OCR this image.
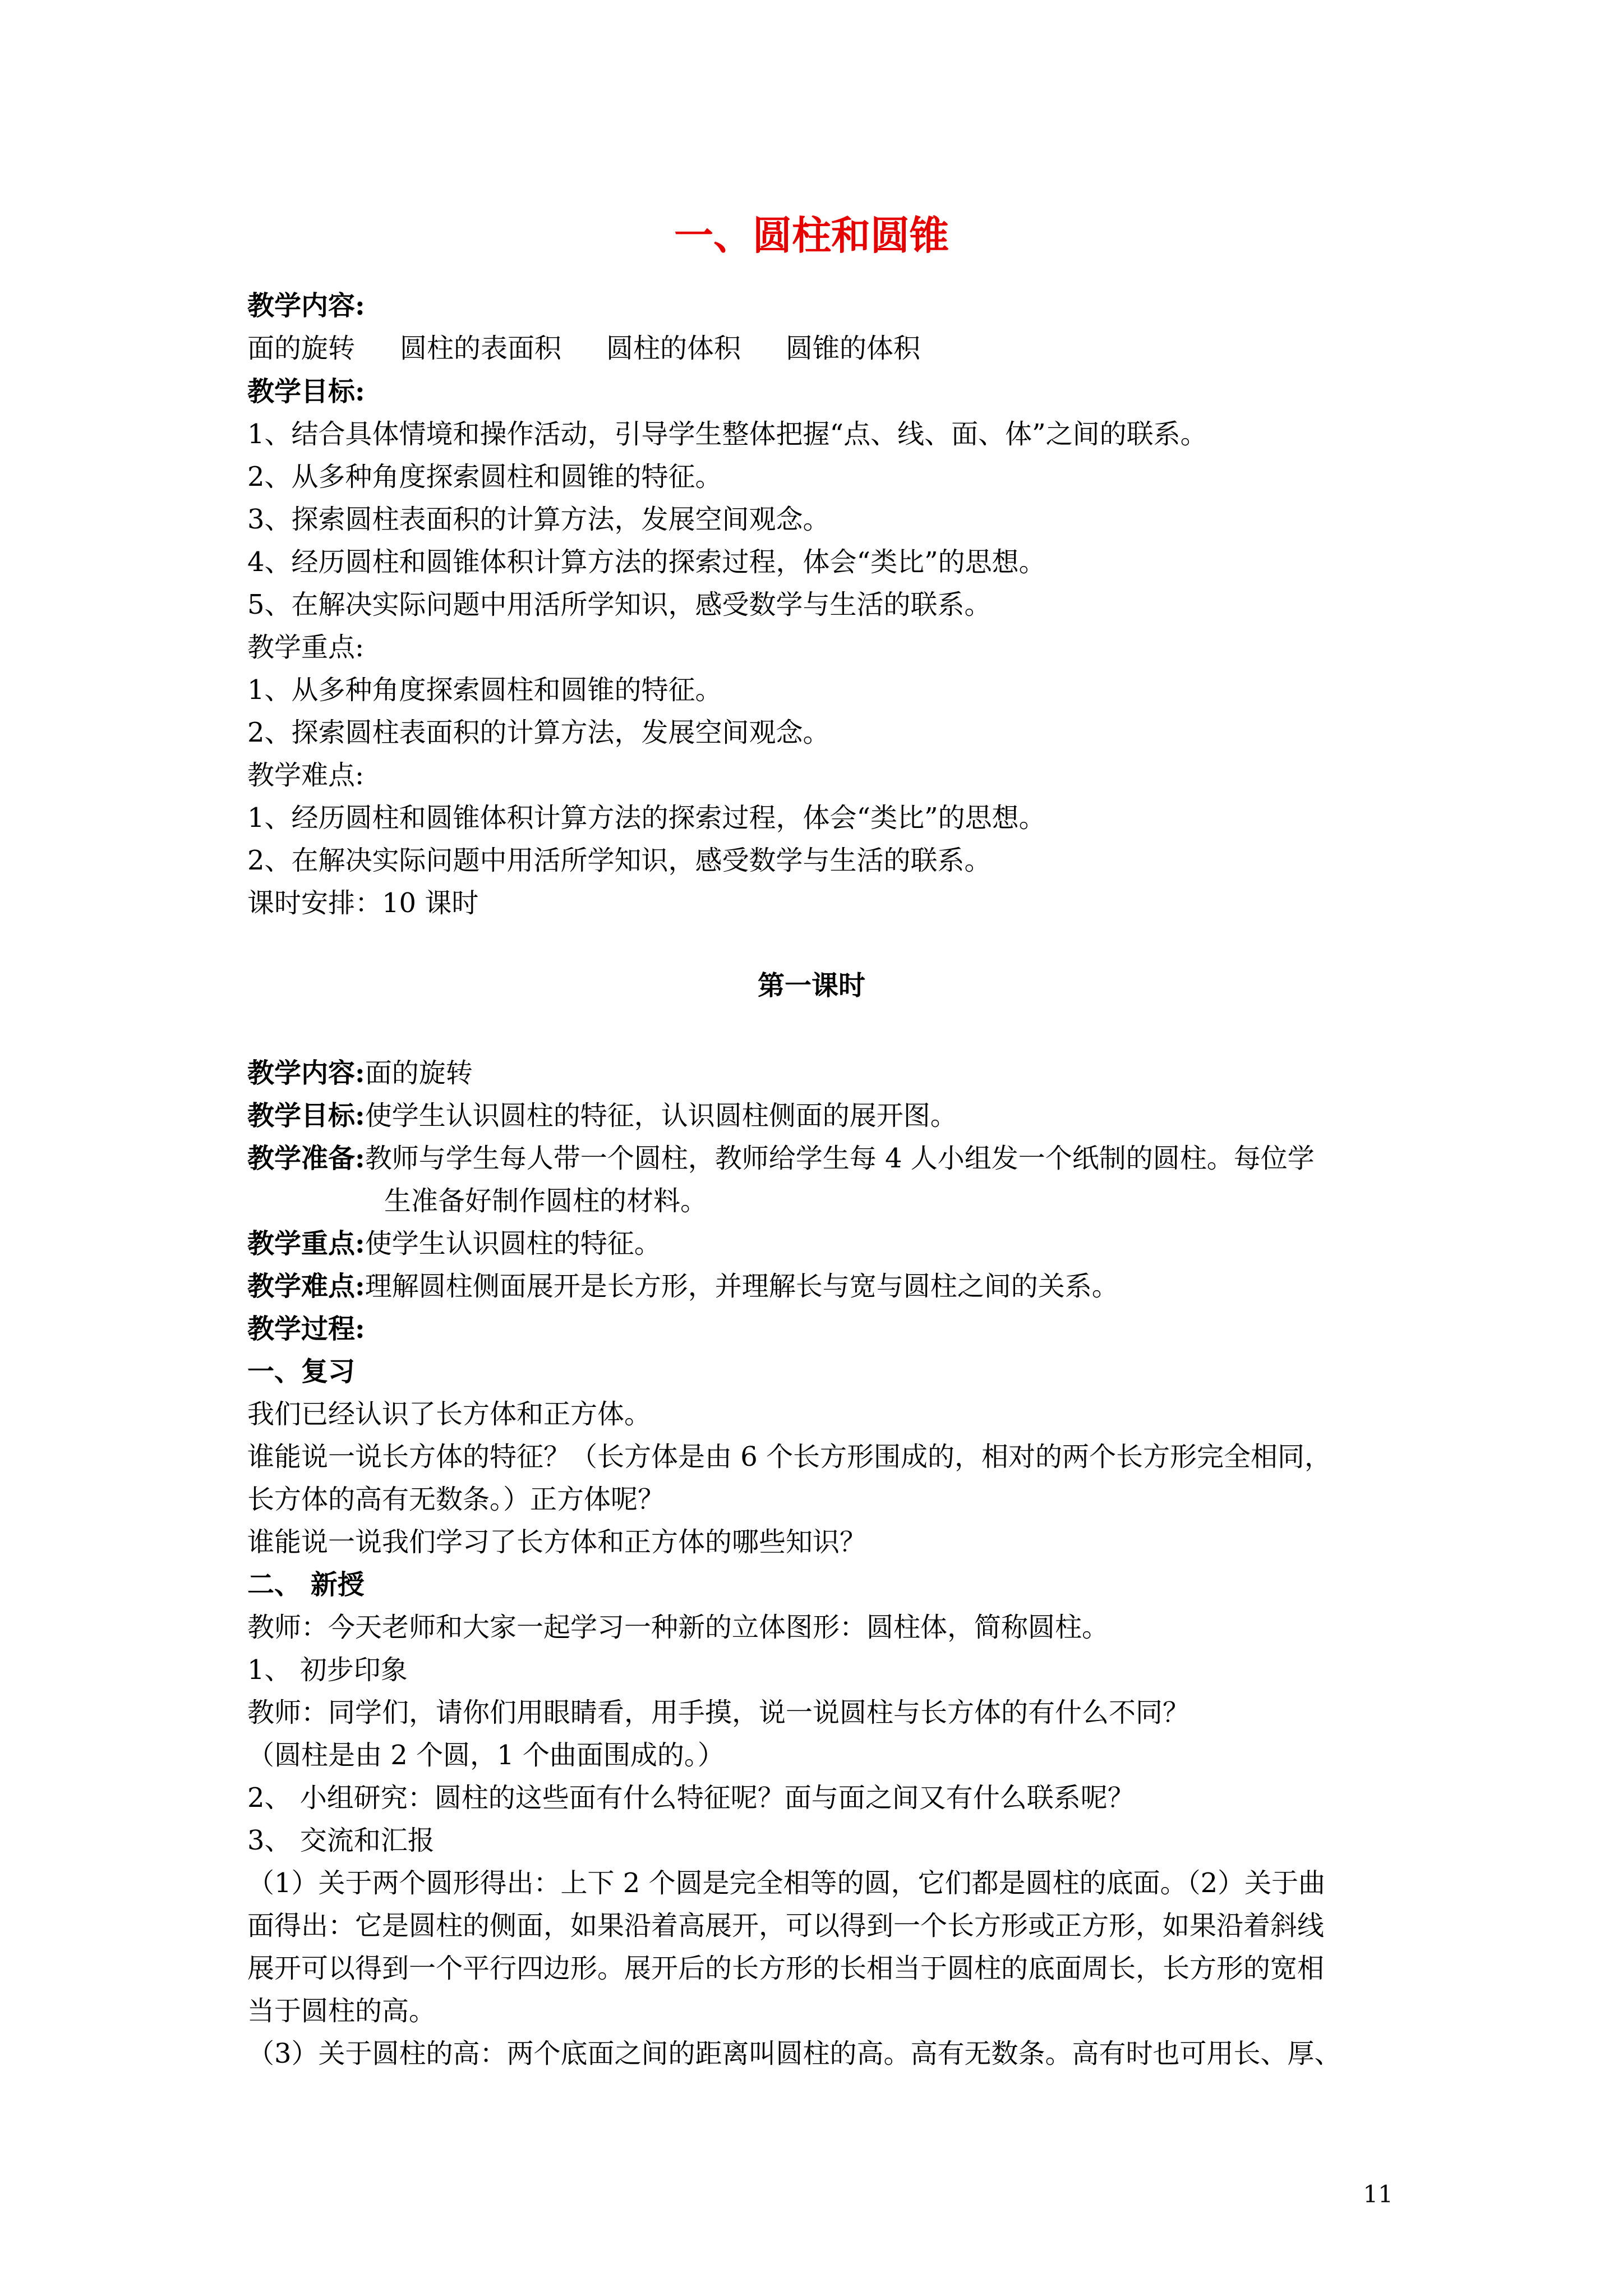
一、圆柱和圆锥
教学内容:
面的旋转 圆柱的表面积 圆柱的体积 圆锥的体积
教学目标:
1、结合具体情境和操作活动，引导学生整体把握“点、线、面、体”之间的联系。
2、从多种角度探索圆柱和圆锥的特征。
3、探索圆柱表面积的计算方法，发展空间观念。
4、经历圆柱和圆锥体积计算方法的探索过程，体会“类比”的思想。
5、在解决实际问题中用活所学知识，感受数学与生活的联系。
教学重点:
1、从多种角度探索圆柱和圆锥的特征。
2、探索圆柱表面积的计算方法，发展空间观念。
教学难点:
1、经历圆柱和圆锥体积计算方法的探索过程，体会“类比”的思想。
2、在解决实际问题中用活所学知识，感受数学与生活的联系。
课时安排：10 课时
第一课时
教学内容:面的旋转
教学目标:使学生认识圆柱的特征，认识圆柱侧面的展开图。
教学准备:教师与学生每人带一个圆柱，教师给学生每 4 人小组发一个纸制的圆柱。每位学
生准备好制作圆柱的材料。
教学重点:使学生认识圆柱的特征。
教学难点:理解圆柱侧面展开是长方形，并理解长与宽与圆柱之间的关系。
教学过程:
一、复习
我们已经认识了长方体和正方体。
谁能说一说长方体的特征？（长方体是由 6 个长方形围成的，相对的两个长方形完全相同，
长方体的高有无数条。）正方体呢？
谁能说一说我们学习了长方体和正方体的哪些知识？
二、 新授
教师：今天老师和大家一起学习一种新的立体图形：圆柱体，简称圆柱。
1、 初步印象
教师：同学们，请你们用眼睛看，用手摸，说一说圆柱与长方体的有什么不同？
（圆柱是由 2 个圆，1 个曲面围成的。）
2、 小组研究：圆柱的这些面有什么特征呢？面与面之间又有什么联系呢？
3、 交流和汇报
（1）关于两个圆形得出：上下 2 个圆是完全相等的圆，它们都是圆柱的底面。（2）关于曲
面得出：它是圆柱的侧面，如果沿着高展开，可以得到一个长方形或正方形，如果沿着斜线
展开可以得到一个平行四边形。展开后的长方形的长相当于圆柱的底面周长，长方形的宽相
当于圆柱的高。
（3）关于圆柱的高：两个底面之间的距离叫圆柱的高。高有无数条。高有时也可用长、厚、
11
